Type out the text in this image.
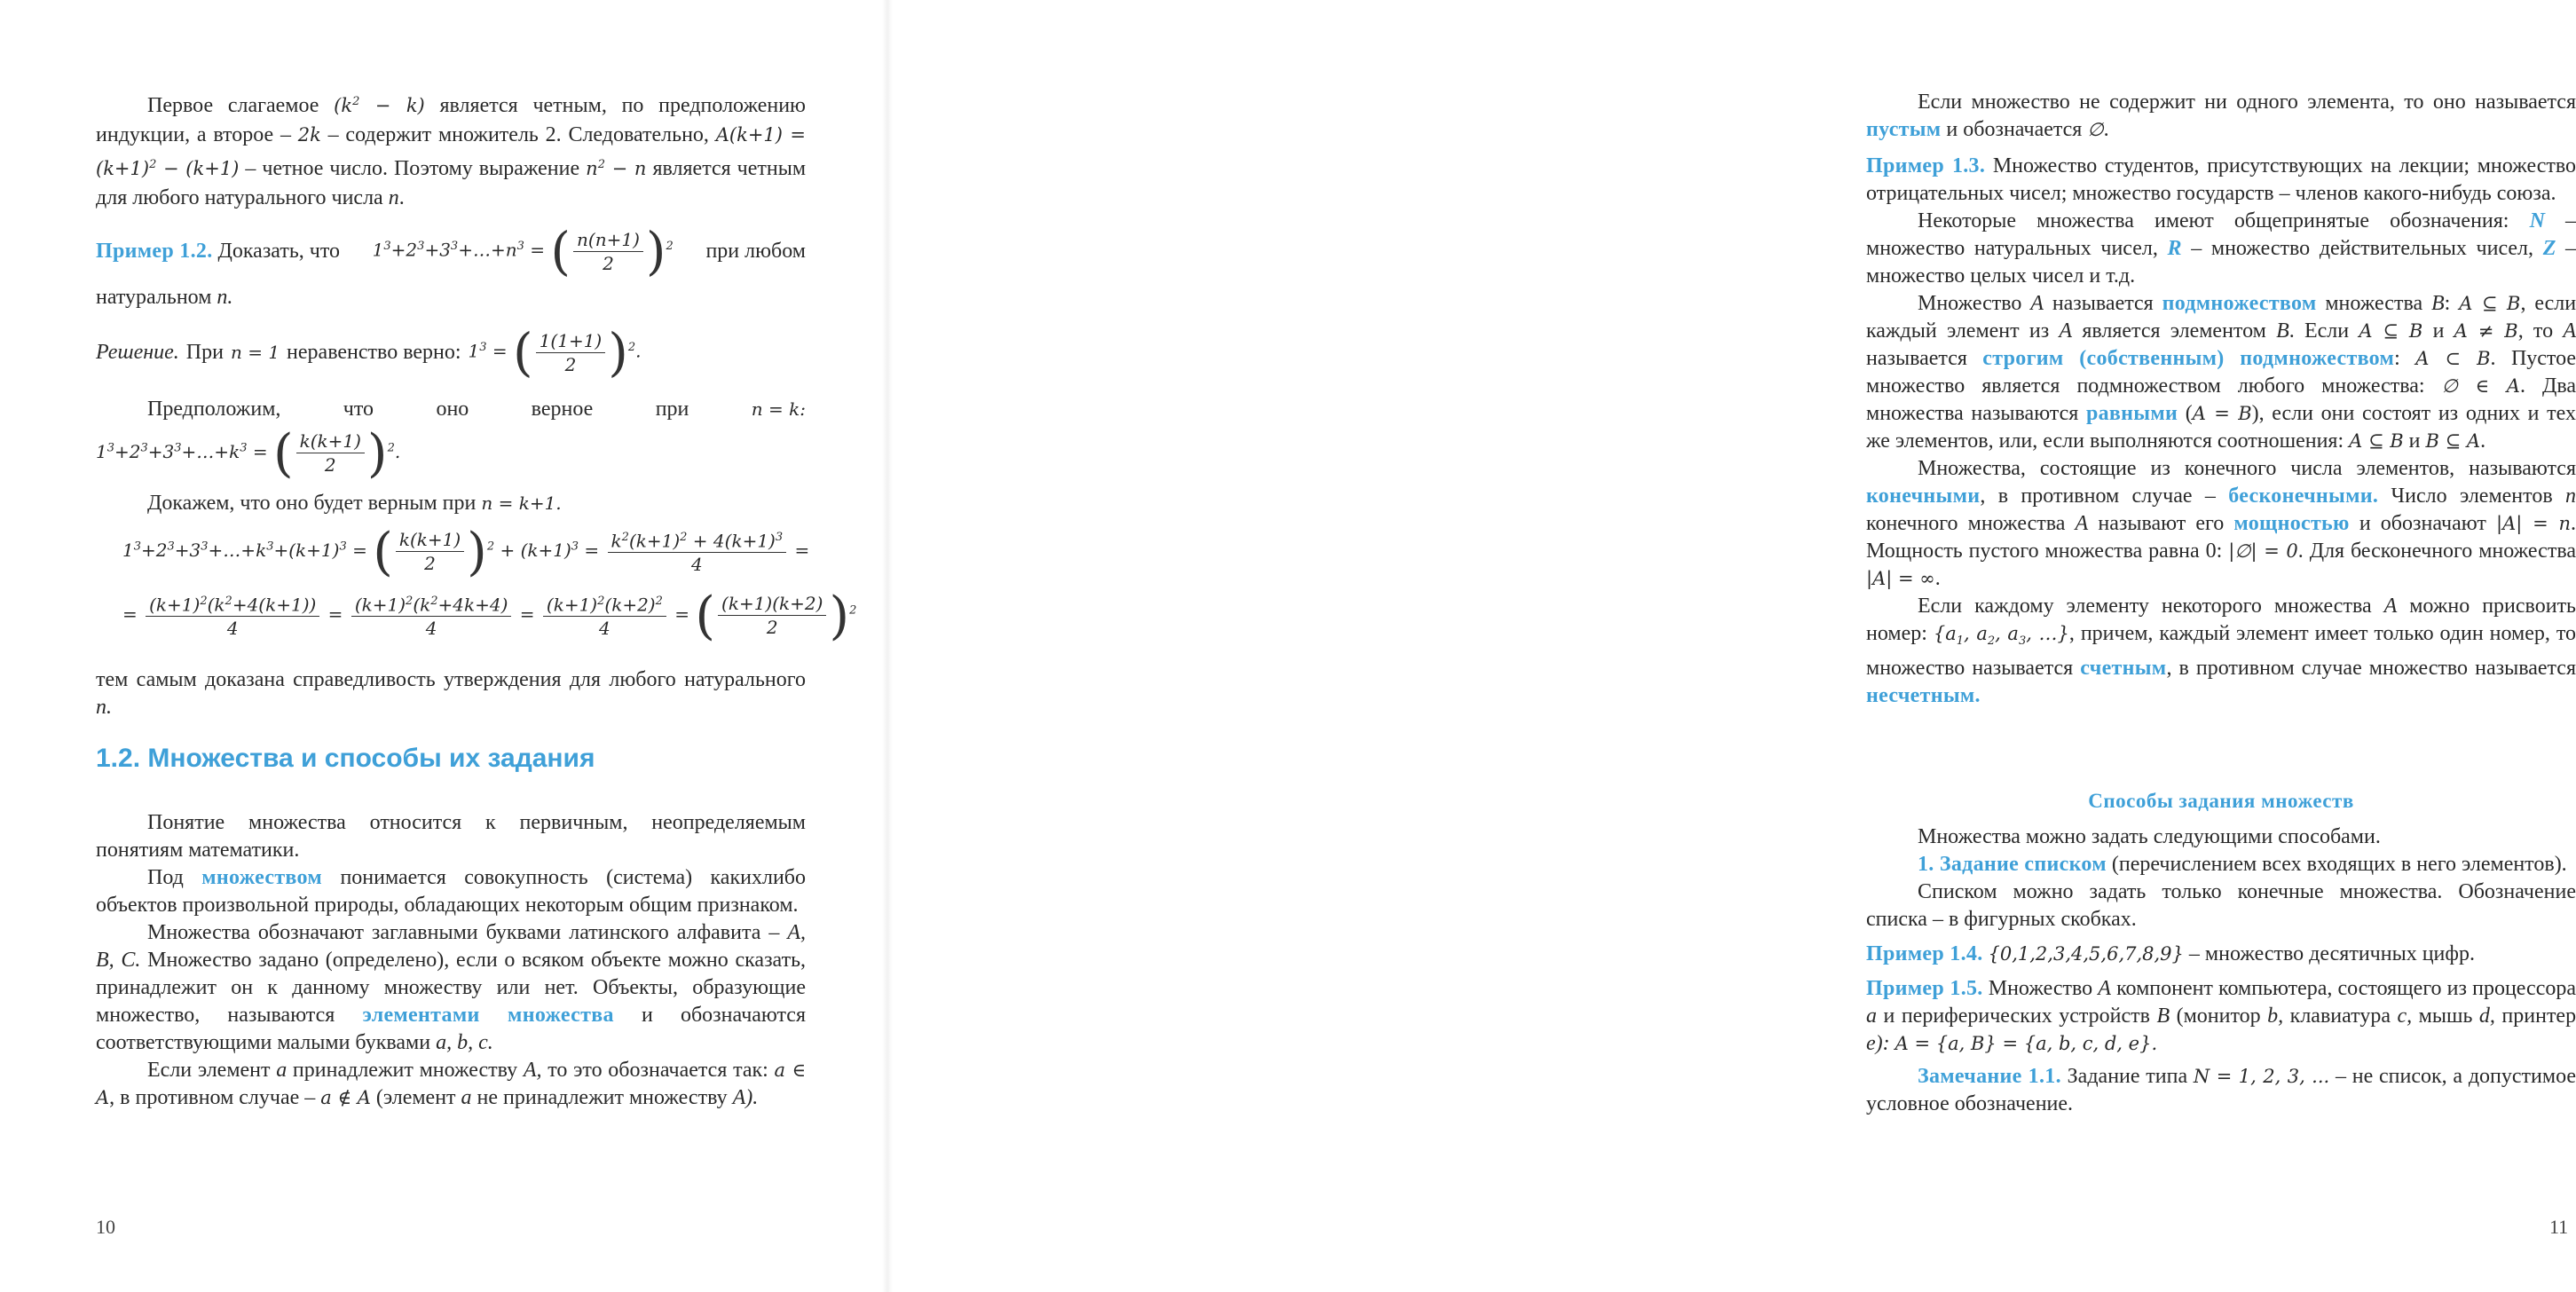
Первое слагаемое $(k^2 - k)$ является четным, по предположению индукции, а второе – 2k – содержит множитель 2. Следовательно, $A(k+1) = (k+1)^2 - (k+1)$ – четное число. Поэтому выражение $n^2 - n$ является четным для любого натурального числа n.

Пример 1.2. Доказать, что $1^3+2^3+3^3+\dots+n^3$ = ( $\frac{n(n+1)}{2} )^2$ при любом

натуральном n.

Решение. При n = 1 неравенство верно: $1^3$ = ( $\frac{1(1+1)}{2} )^2$.

Предположим,	что	оно	верное	при	n = k:

$1^3+2^3+3^3+\dots+k^3$ = ( $\frac{k(k+1)}{2} )^2$.

Докажем, что оно будет верным при n = k+1.

$1^3+2^3+3^3+\dots+k^3+(k+1)^3$ = ( $\frac{k(k+1)}{2} )^2 + (k+1)^3 = \frac{k^2(k+1)^2 + 4(k+1)^3}{4}$ =

= $\frac{(k+1)^2(k^2+4(k+1))}{4} = \frac{(k+1)^2(k^2+4k+4)}{4} = \frac{(k+1)^2(k+2)^2}{4}$ = ( $\frac{(k+1)(k+2)}{2} )^2$

тем самым доказана справедливость утверждения для любого натурального n.

1.2. Множества и способы их задания

Понятие множества относится к первичным, неопределяемым понятиям математики.

Под множеством понимается совокупность (система) какихлибо объектов произвольной природы, обладающих некоторым общим признаком.

Множества обозначают заглавными буквами латинского алфавита – A, B, C. Множество задано (определено), если о всяком объекте можно сказать, принадлежит он к данному множеству или нет. Объекты, образующие множество, называются элементами множества и обозначаются соответствующими малыми буквами a, b, c.

Если элемент a принадлежит множеству A, то это обозначается так: a ∈ A, в противном случае – a ∉ A (элемент a не принадлежит множеству A).

10

Если множество не содержит ни одного элемента, то оно называется пустым и обозначается ∅.

Пример 1.3. Множество студентов, присутствующих на лекции; множество отрицательных чисел; множество государств – членов какого-нибудь союза.

Некоторые множества имеют общепринятые обозначения: N – множество натуральных чисел, R – множество действительных чисел, Z – множество целых чисел и т.д.

Множество A называется подмножеством множества B: A ⊆ B, если каждый элемент из A является элементом B. Если A ⊆ B и A ≠ B, то A называется строгим (собственным) подмножеством: A ⊂ B. Пустое множество является подмножеством любого множества: ∅ ∈ A. Два множества называются равными (A = B), если они состоят из одних и тех же элементов, или, если выполняются соотношения: A ⊆ B и B ⊆ A.

Множества, состоящие из конечного числа элементов, называются конечными, в противном случае – бесконечными. Число элементов n конечного множества A называют его мощностью и обозначают |A| = n. Мощность пустого множества равна 0: |∅| = 0. Для бесконечного множества |A| = ∞.

Если каждому элементу некоторого множества A можно присвоить номер: {$a_1$, $a_2$, $a_3$, …}, причем, каждый элемент имеет только один номер, то множество называется счетным, в противном случае множество называется несчетным.

Способы задания множеств

Множества можно задать следующими способами.

1. Задание списком (перечислением всех входящих в него элементов).

Списком можно задать только конечные множества. Обозначение списка – в фигурных скобках.

Пример 1.4. {0,1,2,3,4,5,6,7,8,9} – множество десятичных цифр.

Пример 1.5. Множество A компонент компьютера, состоящего из процессора a и периферических устройств B (монитор b, клавиатура c, мышь d, принтер e): A = {a, B} = {a, b, c, d, e}.

Замечание 1.1. Задание типа N = 1, 2, 3, ... – не список, а допустимое условное обозначение.

11
